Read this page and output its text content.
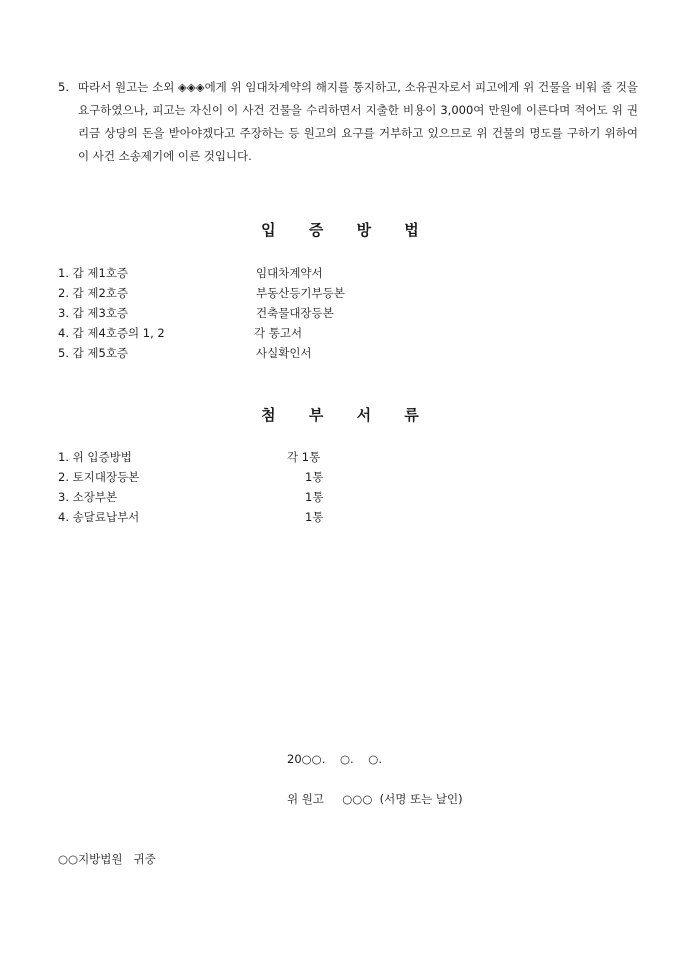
5. 따라서 원고는 소외 ◈◈◈에게 위 임대차계약의 해지를 통지하고, 소유권자로서 피고에게 위 건물을 비워 줄 것을 요구하였으나, 피고는 자신이 이 사건 건물을 수리하면서 지출한 비용이 3,000여 만원에 이른다며 적어도 위 권리금 상당의 돈을 받아야겠다고 주장하는 등 원고의 요구를 거부하고 있으므로 위 건물의 명도를 구하기 위하여 이 사건 소송제기에 이른 것입니다.
입 증 방 법
1. 갑 제1호증	임대차계약서
2. 갑 제2호증	부동산등기부등본
3. 갑 제3호증	건축물대장등본
4. 갑 제4호증의 1, 2	각 통고서
5. 갑 제5호증	사실확인서
첨 부 서 류
1. 위 입증방법	각 1통
2. 토지대장등본	1통
3. 소장부본	1통
4. 송달료납부서	1통
20○○.    ○.    ○.
위 원고     ○○○  (서명 또는 날인)
○○지방법원   귀중
